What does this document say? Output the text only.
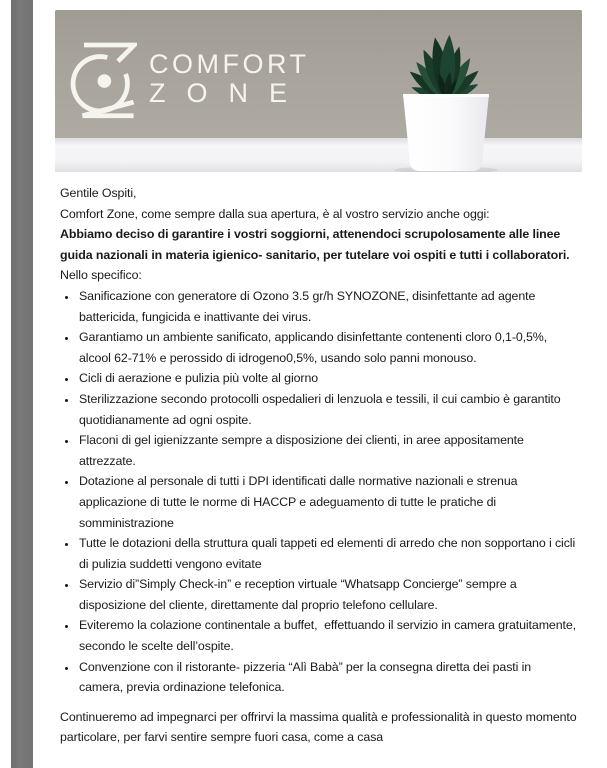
COMFORT
ZONE

Gentile Ospiti,

Comfort Zone, come sempre dalla sua apertura, è al vostro servizio anche oggi:

Abbiamo deciso di garantire i vostri soggiorni, attenendoci scrupolosamente alle linee guida nazionali in materia igienico- sanitario, per tutelare voi ospiti e tutti i collaboratori.

Nello specifico:

• Sanificazione con generatore di Ozono 3.5 gr/h SYNOZONE, disinfettante ad agente battericida, fungicida e inattivante dei virus.
• Garantiamo un ambiente sanificato, applicando disinfettante contenenti cloro 0,1-0,5%, alcool 62-71% e perossido di idrogeno0,5%, usando solo panni monouso.
• Cicli di aerazione e pulizia più volte al giorno
• Sterilizzazione secondo protocolli ospedalieri di lenzuola e tessili, il cui cambio è garantito quotidianamente ad ogni ospite.
• Flaconi di gel igienizzante sempre a disposizione dei clienti, in aree appositamente attrezzate.
• Dotazione al personale di tutti i DPI identificati dalle normative nazionali e strenua applicazione di tutte le norme di HACCP e adeguamento di tutte le pratiche di somministrazione
• Tutte le dotazioni della struttura quali tappeti ed elementi di arredo che non sopportano i cicli di pulizia suddetti vengono evitate
• Servizio di”Simply Check-in” e reception virtuale “Whatsapp Concierge” sempre a disposizione del cliente, direttamente dal proprio telefono cellulare.
• Eviteremo la colazione continentale a buffet,  effettuando il servizio in camera gratuitamente, secondo le scelte dell’ospite.
• Convenzione con il ristorante- pizzeria “Alì Babà” per la consegna diretta dei pasti in camera, previa ordinazione telefonica.

Continueremo ad impegnarci per offrirvi la massima qualità e professionalità in questo momento particolare, per farvi sentire sempre fuori casa, come a casa
